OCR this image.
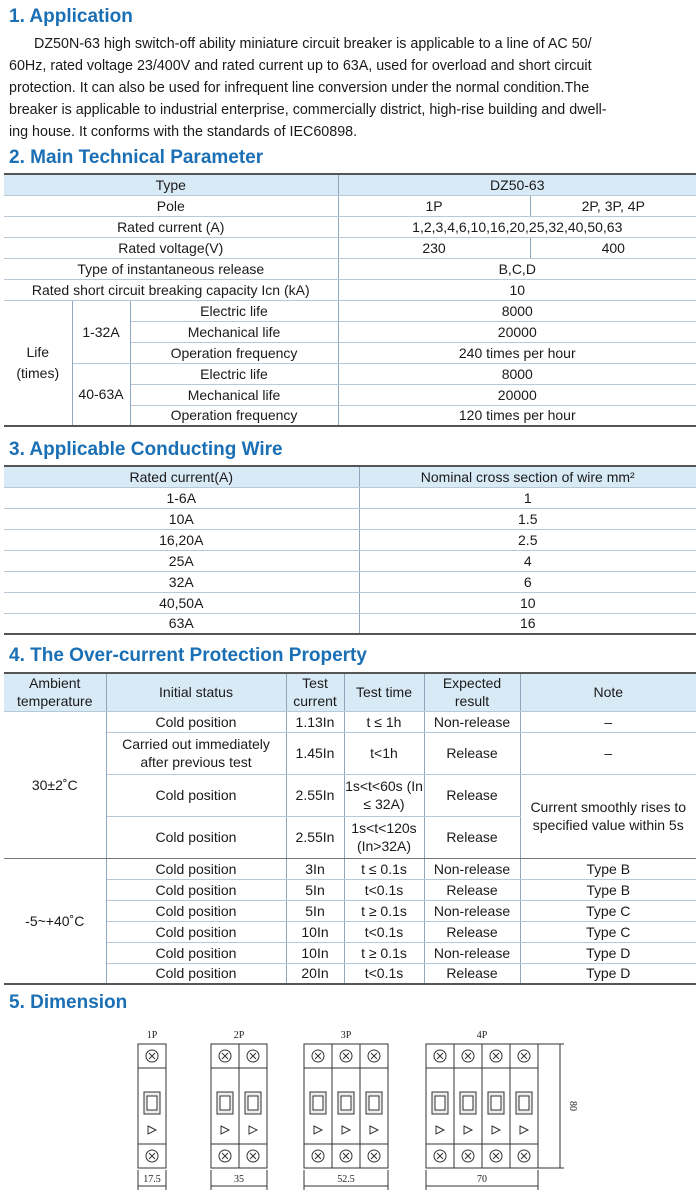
1. Application

DZ50N-63 high switch-off ability miniature circuit breaker is applicable to a line of AC 50/
60Hz, rated voltage 23/400V and rated current up to 63A, used for overload and short circuit
protection. It can also be used for infrequent line conversion under the normal condition.The
breaker is applicable to industrial enterprise, commercially district, high-rise building and dwell-
ing house. It conforms with the standards of IEC60898.

2. Main Technical Parameter
Type			DZ50-63	
Pole			1P	2P, 3P, 4P
Rated current (A)			1,2,3,4,6,10,16,20,25,32,40,50,63	
Rated voltage(V)			230	400
Type of instantaneous release			B,C,D	
Rated short circuit breaking capacity Icn (kA)			10	
Life
(times)	1-32A	Electric life	8000	
		Mechanical life	20000	
		Operation frequency	240 times per hour	
	40-63A	Electric life	8000	
		Mechanical life	20000	
		Operation frequency	120 times per hour	
3. Applicable Conducting Wire
Rated current(A)	Nominal cross section of wire mm²
1-6A	1
10A	1.5
16,20A	2.5
25A	4
32A	6
40,50A	10
63A	16
4. The Over-current Protection Property
Ambient temperature	Initial status	Test current	Test time	Expected result	Note
30±2˚C	Cold position	1.13In	t ≤ 1h	Non-release	–
	Carried out immediately after previous test	1.45In	t<1h	Release	–
	Cold position	2.55In	1s<t<60s (In ≤ 32A)	Release	Current smoothly rises to specified value within 5s
	Cold position	2.55In	1s<t<120s (In>32A)	Release	
-5~+40˚C	Cold position	3In	t ≤ 0.1s	Non-release	Type B
	Cold position	5In	t<0.1s	Release	Type B
	Cold position	5In	t ≥ 0.1s	Non-release	Type C
	Cold position	10In	t<0.1s	Release	Type C
	Cold position	10In	t ≥ 0.1s	Non-release	Type D
	Cold position	20In	t<0.1s	Release	Type D
5. Dimension
1P
17.5
2P
35
3P
52.5
4P
70
80
